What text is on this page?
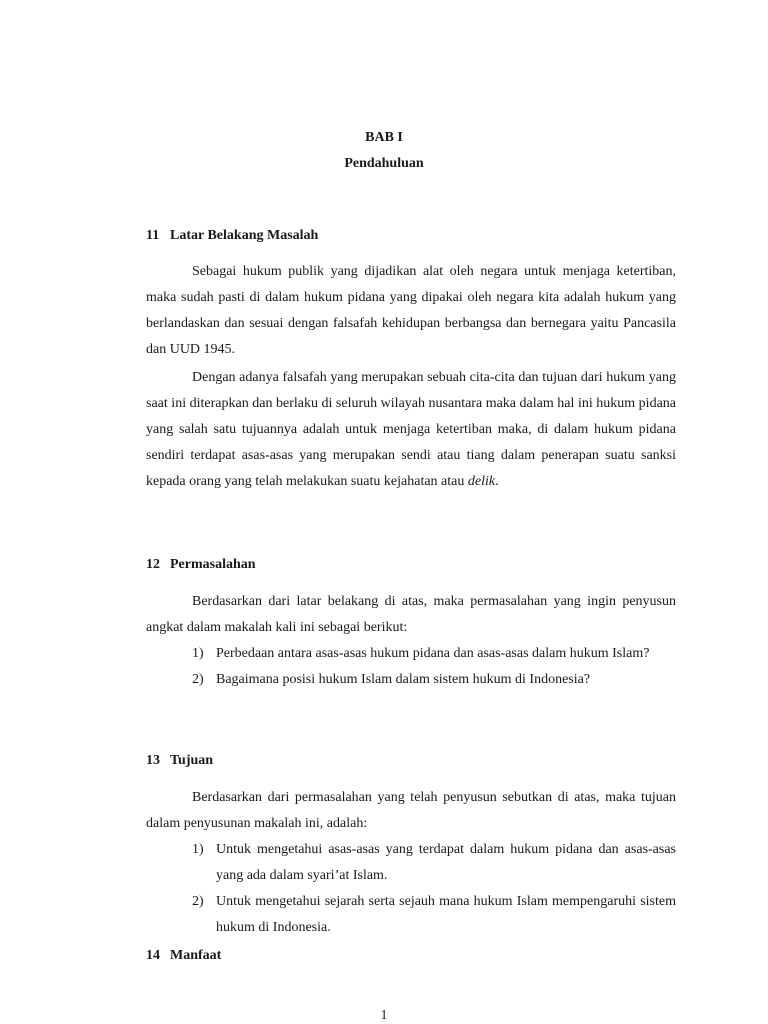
BAB I
Pendahuluan
11 Latar Belakang Masalah

Sebagai hukum publik yang dijadikan alat oleh negara untuk menjaga ketertiban, maka sudah pasti di dalam hukum pidana yang dipakai oleh negara kita adalah hukum yang berlandaskan dan sesuai dengan falsafah kehidupan berbangsa dan bernegara yaitu Pancasila dan UUD 1945.

Dengan adanya falsafah yang merupakan sebuah cita-cita dan tujuan dari hukum yang saat ini diterapkan dan berlaku di seluruh wilayah nusantara maka dalam hal ini hukum pidana yang salah satu tujuannya adalah untuk menjaga ketertiban maka, di dalam hukum pidana sendiri terdapat asas-asas yang merupakan sendi atau tiang dalam penerapan suatu sanksi kepada orang yang telah melakukan suatu kejahatan atau delik.

12 Permasalahan

Berdasarkan dari latar belakang di atas, maka permasalahan yang ingin penyusun angkat dalam makalah kali ini sebagai berikut:

1) Perbedaan antara asas-asas hukum pidana dan asas-asas dalam hukum Islam?
2) Bagaimana posisi hukum Islam dalam sistem hukum di Indonesia?
13 Tujuan

Berdasarkan dari permasalahan yang telah penyusun sebutkan di atas, maka tujuan dalam penyusunan makalah ini, adalah:

1) Untuk mengetahui asas-asas yang terdapat dalam hukum pidana dan asas-asas yang ada dalam syari’at Islam.
2) Untuk mengetahui sejarah serta sejauh mana hukum Islam mempengaruhi sistem hukum di Indonesia.
14 Manfaat

1
